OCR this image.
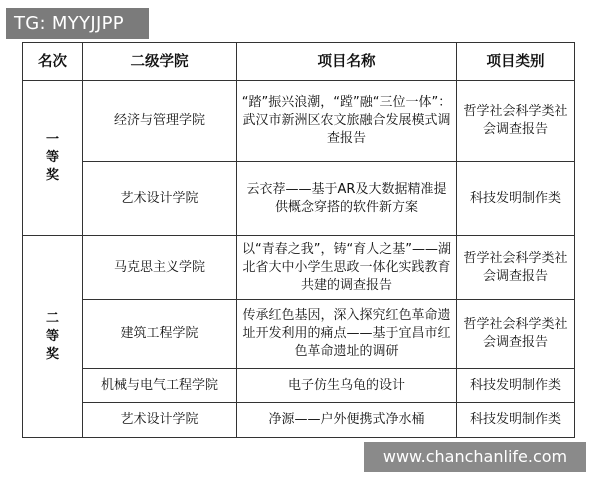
TG: MYYJJPP
名次	二级学院	项目名称	项目类别

一
等
奖	经济与管理学院	“踏”振兴浪潮，“蹚”融“三位一体”：武汉市新洲区农文旅融合发展模式调查报告	哲学社会科学类社会调查报告
	艺术设计学院	云衣荐——基于AR及大数据精准提供概念穿搭的软件新方案	科技发明制作类

二
等
奖	马克思主义学院	以“青春之我”，铸“育人之基”——湖北省大中小学生思政一体化实践教育共建的调查报告	哲学社会科学类社会调查报告
	建筑工程学院	传承红色基因，深入探究红色革命遗址开发利用的痛点——基于宜昌市红色革命遗址的调研	哲学社会科学类社会调查报告
	机械与电气工程学院	电子仿生乌龟的设计	科技发明制作类
	艺术设计学院	净源——户外便携式净水桶	科技发明制作类
www.chanchanlife.com
